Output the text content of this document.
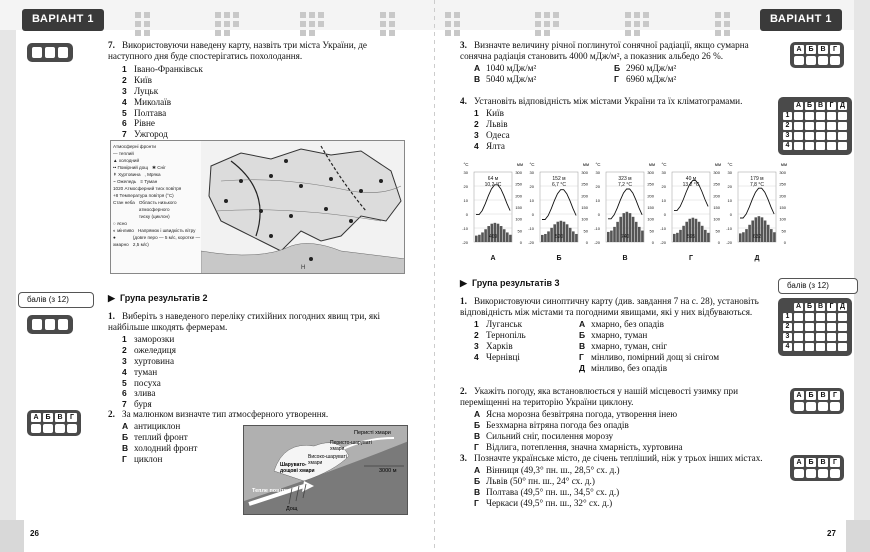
ВАРІАНТ 1
7. Використовуючи наведену карту, назвіть три міста України, де наступного дня буде спостерігатись похолодання.
1 Івано-Франківськ
2 Київ
3 Луцьк
4 Миколаїв
5 Полтава
6 Рівне
7 Ужгород
Атмосферні фронти
— теплий
▲ холодний
•• Помірний дощ ✱ Сніг
↟ Хуртовина , Мряка
~ Ожеледь ≡ Туман
1020 Атмосферний тиск повітря
+8 Температура повітря (°C)
Стан неба Область низького атмосферного тиску (циклон)
○ ясно
◐ мінливо Напрямок і швидкість вітру
● хмарно
(довге перо — 5 м/с, коротке — 2,5 м/с)
Н
балів (з 12)	▶  Група результатів 2
1. Виберіть з наведеного переліку стихійних погодних явищ три, які найбільше шкодять фермерам.
1 заморозки
2 ожеледиця
3 хуртовина
4 туман
5 посуха
6 злива
7 буря
А Б В	Г	2. За малюнком визначте тип атмосферного утворення.
А антициклон
Б теплий фронт
В холодний фронт
Г циклон
Перисті хмари
Перисто-шаруваті хмари
Високо-шаруваті хмари
Шарувато-дощові хмари
Тепле повітря
Дощ
3000 м
26
ВАРІАНТ 1
3. Визначте величину річної поглинутої сонячної радіації, якщо сумарна сонячна радіація становить 4000 мДж/м², а показник альбедо 26 %.
А 1040 мДж/м²	Б 2960 мДж/м²
В 5040 мДж/м²	Г 6960 мДж/м²
А Б В	Г
4. Установіть відповідність між містами України та їх кліматограмами.
1 Київ
2 Львів
3 Одеса
4 Ялта
	А	Б	В	Г	Д
1					
2					
3					
4					
°С	мм
30
20
10
0
-10
-20
300
250
200
150
100
50
0
64 м
10,2 °С
469
А
°С	мм
30
20
10
0
-10
-20
300
250
200
150
100
50
0
152 м
6,7 °С
520
Б
°С	мм
30
20
10
0
-10
-20
300
250
200
150
100
50
0
323 м
7,2 °С
740
В
°С	мм
30
20
10
0
-10
-20
300
250
200
150
100
50
0
40 м
13,2 °С
595
Г
°С	мм
30
20
10
0
-10
-20
300
250
200
150
100
50
0
179 м
7,8 °С
632
Д
▶  Група результатів 3	балів (з 12)
1. Використовуючи синоптичну карту (див. завдання 7 на с. 28), установіть відповідність між містами та погодними явищами, які у них відбуваються.
1 Луганськ	А хмарно, без опадів
2 Тернопіль	Б хмарно, туман
3 Харків	В хмарно, туман, сніг
4 Чернівці	Г мінливо, помірний дощ зі снігом
Д мінливо, без опадів
	А	Б	В	Г	Д
1					
2					
3					
4					
2. Укажіть погоду, яка встановлюється у нашій місцевості узимку при переміщенні на територію України циклону.
А Ясна морозна безвітряна погода, утворення інею
Б Безхмарна вітряна погода без опадів
В Сильний сніг, посилення морозу
Г Відлига, потеплення, значна хмарність, хуртовина
А Б В	Г
3. Позначте українське місто, де січень тепліший, ніж у трьох інших містах.
А Вінниця (49,3° пн. ш., 28,5° сх. д.)
Б Львів (50° пн. ш., 24° сх. д.)
В Полтава (49,5° пн. ш., 34,5° сх. д.)
Г Черкаси (49,5° пн. ш., 32° сх. д.)
А Б В	Г
27
